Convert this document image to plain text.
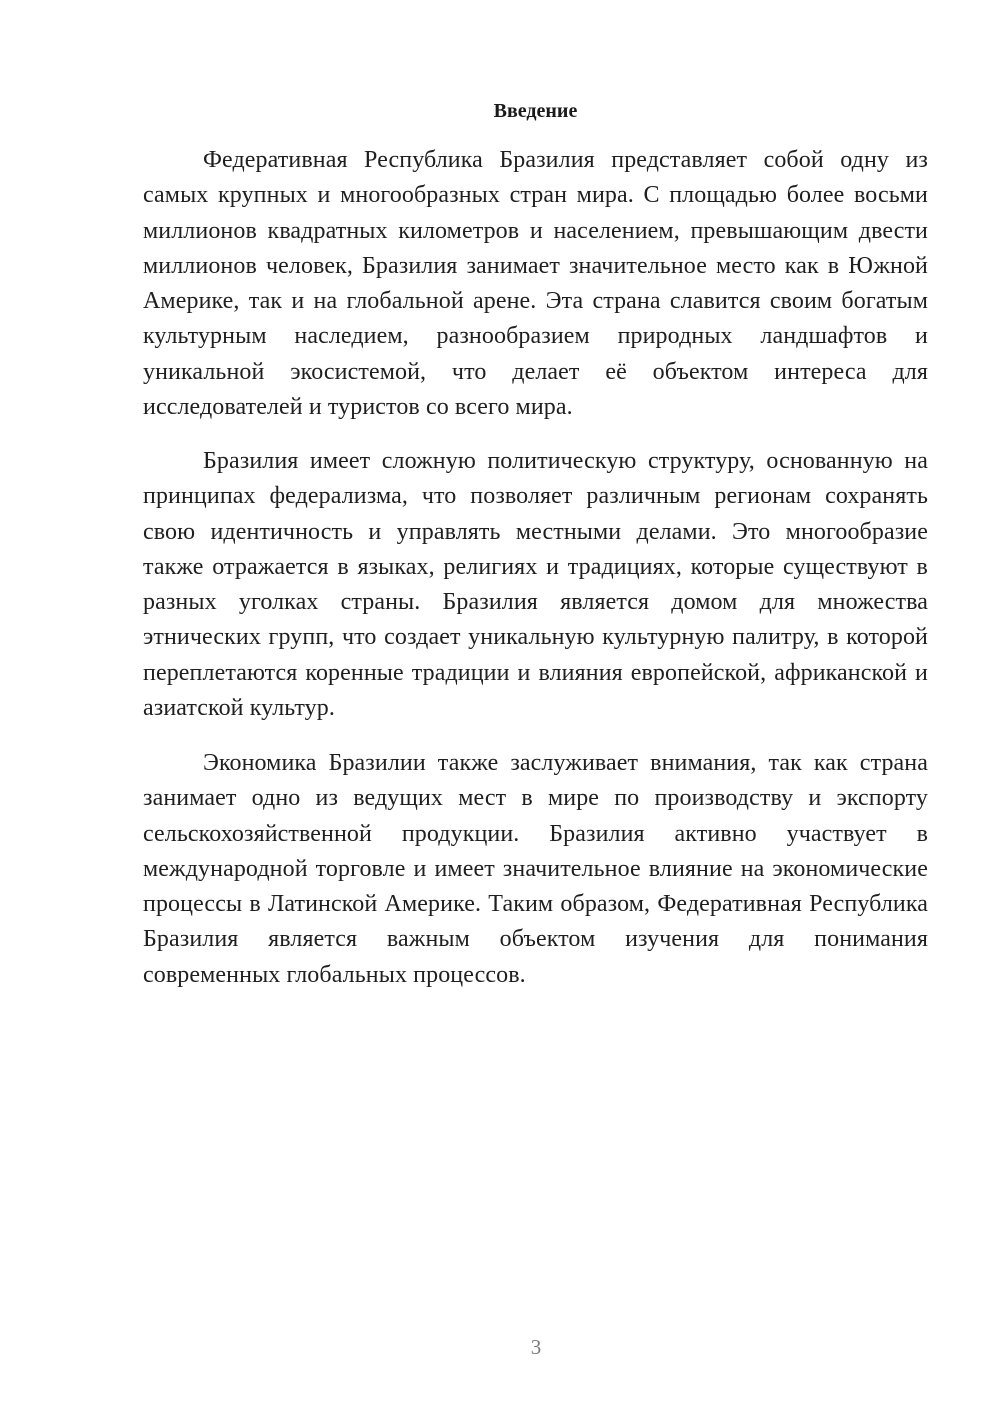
Введение

Федеративная Республика Бразилия представляет собой одну из самых крупных и многообразных стран мира. С площадью более восьми миллионов квадратных километров и населением, превышающим двести миллионов человек, Бразилия занимает значительное место как в Южной Америке, так и на глобальной арене. Эта страна славится своим богатым культурным наследием, разнообразием природных ландшафтов и уникальной экосистемой, что делает её объектом интереса для исследователей и туристов со всего мира.

Бразилия имеет сложную политическую структуру, основанную на принципах федерализма, что позволяет различным регионам сохранять свою идентичность и управлять местными делами. Это многообразие также отражается в языках, религиях и традициях, которые существуют в разных уголках страны. Бразилия является домом для множества этнических групп, что создает уникальную культурную палитру, в которой переплетаются коренные традиции и влияния европейской, африканской и азиатской культур.

Экономика Бразилии также заслуживает внимания, так как страна занимает одно из ведущих мест в мире по производству и экспорту сельскохозяйственной продукции. Бразилия активно участвует в международной торговле и имеет значительное влияние на экономические процессы в Латинской Америке. Таким образом, Федеративная Республика Бразилия является важным объектом изучения для понимания современных глобальных процессов.

3
